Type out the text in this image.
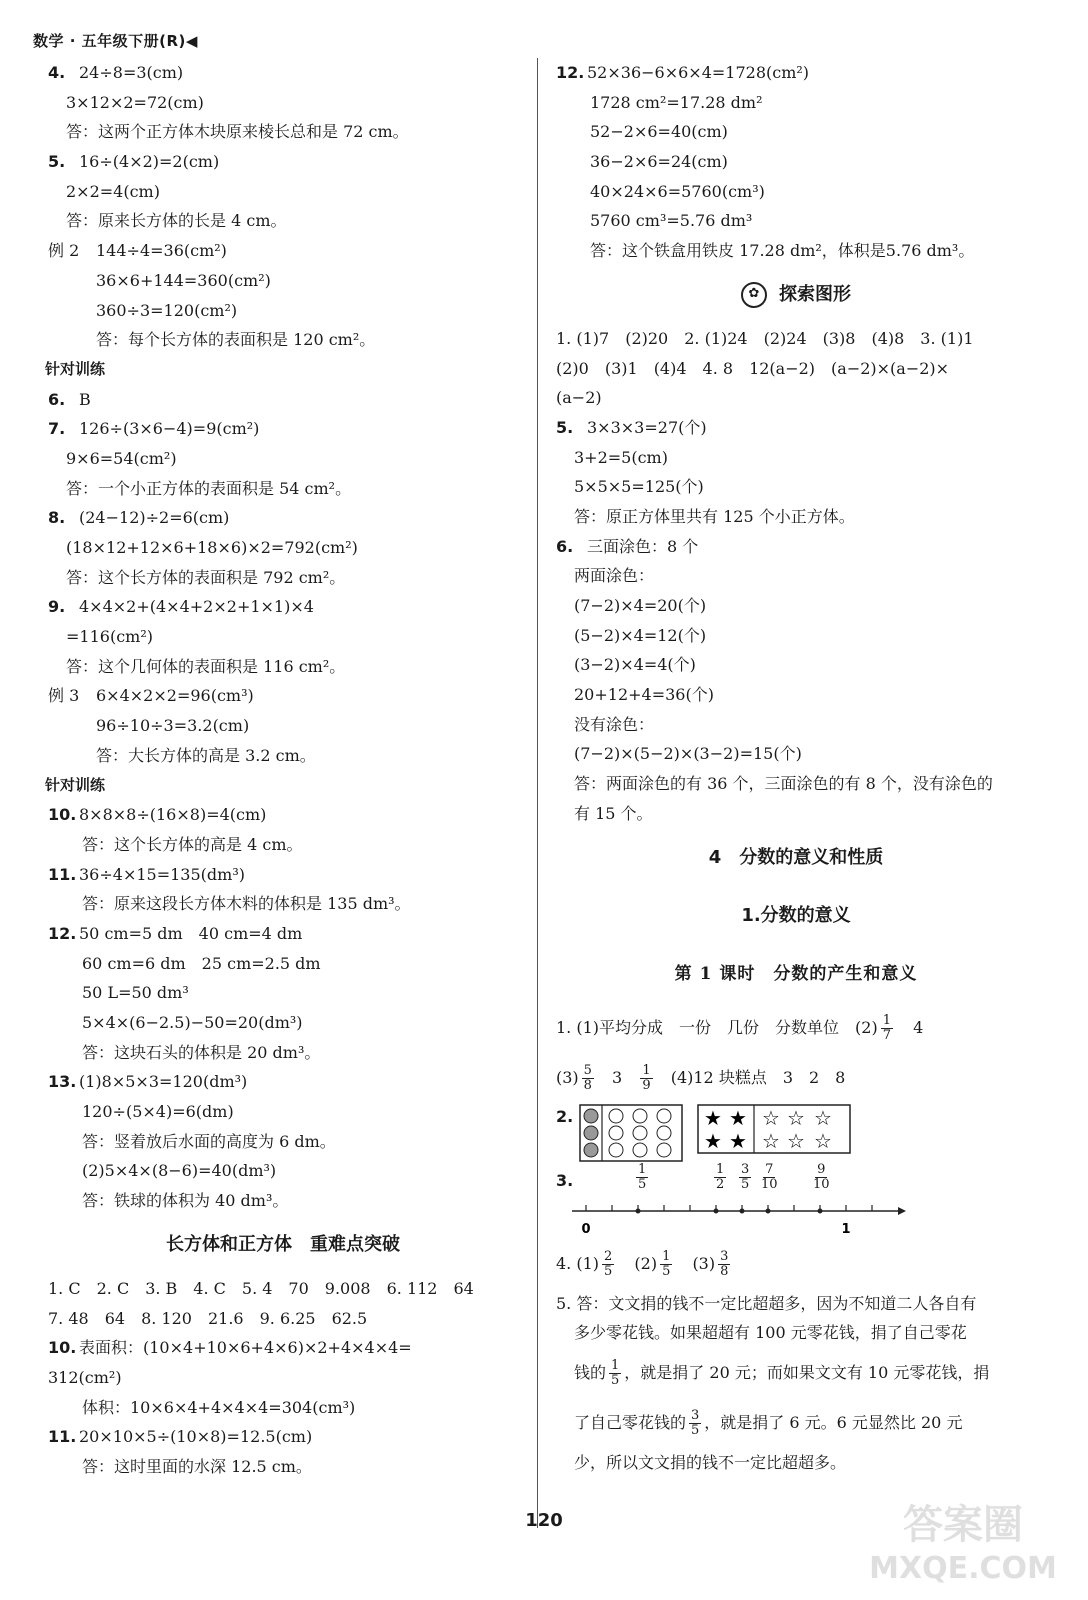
数学 · 五年级下册(R)◀
4. 24÷8=3(cm)
3×12×2=72(cm)
答：这两个正方体木块原来棱长总和是 72 cm。
5. 16÷(4×2)=2(cm)
2×2=4(cm)
答：原来长方体的长是 4 cm。
例 2 144÷4=36(cm²)
36×6+144=360(cm²)
360÷3=120(cm²)
答：每个长方体的表面积是 120 cm²。
针对训练
6. B
7. 126÷(3×6−4)=9(cm²)
9×6=54(cm²)
答：一个小正方体的表面积是 54 cm²。
8. (24−12)÷2=6(cm)
(18×12+12×6+18×6)×2=792(cm²)
答：这个长方体的表面积是 792 cm²。
9. 4×4×2+(4×4+2×2+1×1)×4
=116(cm²)
答：这个几何体的表面积是 116 cm²。
例 3 6×4×2×2=96(cm³)
96÷10÷3=3.2(cm)
答：大长方体的高是 3.2 cm。
针对训练
10. 8×8×8÷(16×8)=4(cm)
答：这个长方体的高是 4 cm。
11. 36÷4×15=135(dm³)
答：原来这段长方体木料的体积是 135 dm³。
12. 50 cm=5 dm　40 cm=4 dm
60 cm=6 dm　25 cm=2.5 dm
50 L=50 dm³
5×4×(6−2.5)−50=20(dm³)
答：这块石头的体积是 20 dm³。
13. (1)8×5×3=120(dm³)
120÷(5×4)=6(dm)
答：竖着放后水面的高度为 6 dm。
(2)5×4×(8−6)=40(dm³)
答：铁球的体积为 40 dm³。
长方体和正方体　重难点突破
1. C　2. C　3. B　4. C　5. 4　70　9.008　6. 112　64
7. 48　64　8. 120　21.6　9. 6.25　62.5
10. 表面积：(10×4+10×6+4×6)×2+4×4×4=
312(cm²)
体积：10×6×4+4×4×4=304(cm³)
11. 20×10×5÷(10×8)=12.5(cm)
答：这时里面的水深 12.5 cm。
12. 52×36−6×6×4=1728(cm²)
1728 cm²=17.28 dm²
52−2×6=40(cm)
36−2×6=24(cm)
40×24×6=5760(cm³)
5760 cm³=5.76 dm³
答：这个铁盒用铁皮 17.28 dm²，体积是5.76 dm³。
✿ 探索图形
1. (1)7　(2)20　2. (1)24　(2)24　(3)8　(4)8　3. (1)1
(2)0　(3)1　(4)4　4. 8　12(a−2)　(a−2)×(a−2)×
(a−2)
5. 3×3×3=27(个)
3+2=5(cm)
5×5×5=125(个)
答：原正方体里共有 125 个小正方体。
6. 三面涂色：8 个
两面涂色：
(7−2)×4=20(个)
(5−2)×4=12(个)
(3−2)×4=4(个)
20+12+4=36(个)
没有涂色：
(7−2)×(5−2)×(3−2)=15(个)
答：两面涂色的有 36 个，三面涂色的有 8 个，没有涂色的
有 15 个。
4　分数的意义和性质
1.分数的意义
第 1 课时　分数的产生和意义
1. (1)平均分成　一份　几份　分数单位　$(2) \frac{1}{7} 4$
$(3) \frac{5}{8} 3 \frac{1}{9} (4)12$ 块糕点　3　2　8
2.	★ ★
★ ★
☆ ☆ ☆
☆ ☆ ☆
3.
0	1
$\frac{1}{5}$	$\frac{1}{2} \frac{3}{5} \frac{7}{10}$	$\frac{9}{10}$
4. $(1) \frac{2}{5} (2) \frac{1}{5} (3) \frac{3}{8}$
5. 答：文文捐的钱不一定比超超多，因为不知道二人各自有
多少零花钱。如果超超有 100 元零花钱，捐了自己零花
钱的 $\frac{1}{5}$ ，就是捐了 20 元；而如果文文有 10 元零花钱，捐
了自己零花钱的 $\frac{3}{5}$ ，就是捐了 6 元。6 元显然比 20 元
少，所以文文捐的钱不一定比超超多。
120	答案圈
MXQE.COM
